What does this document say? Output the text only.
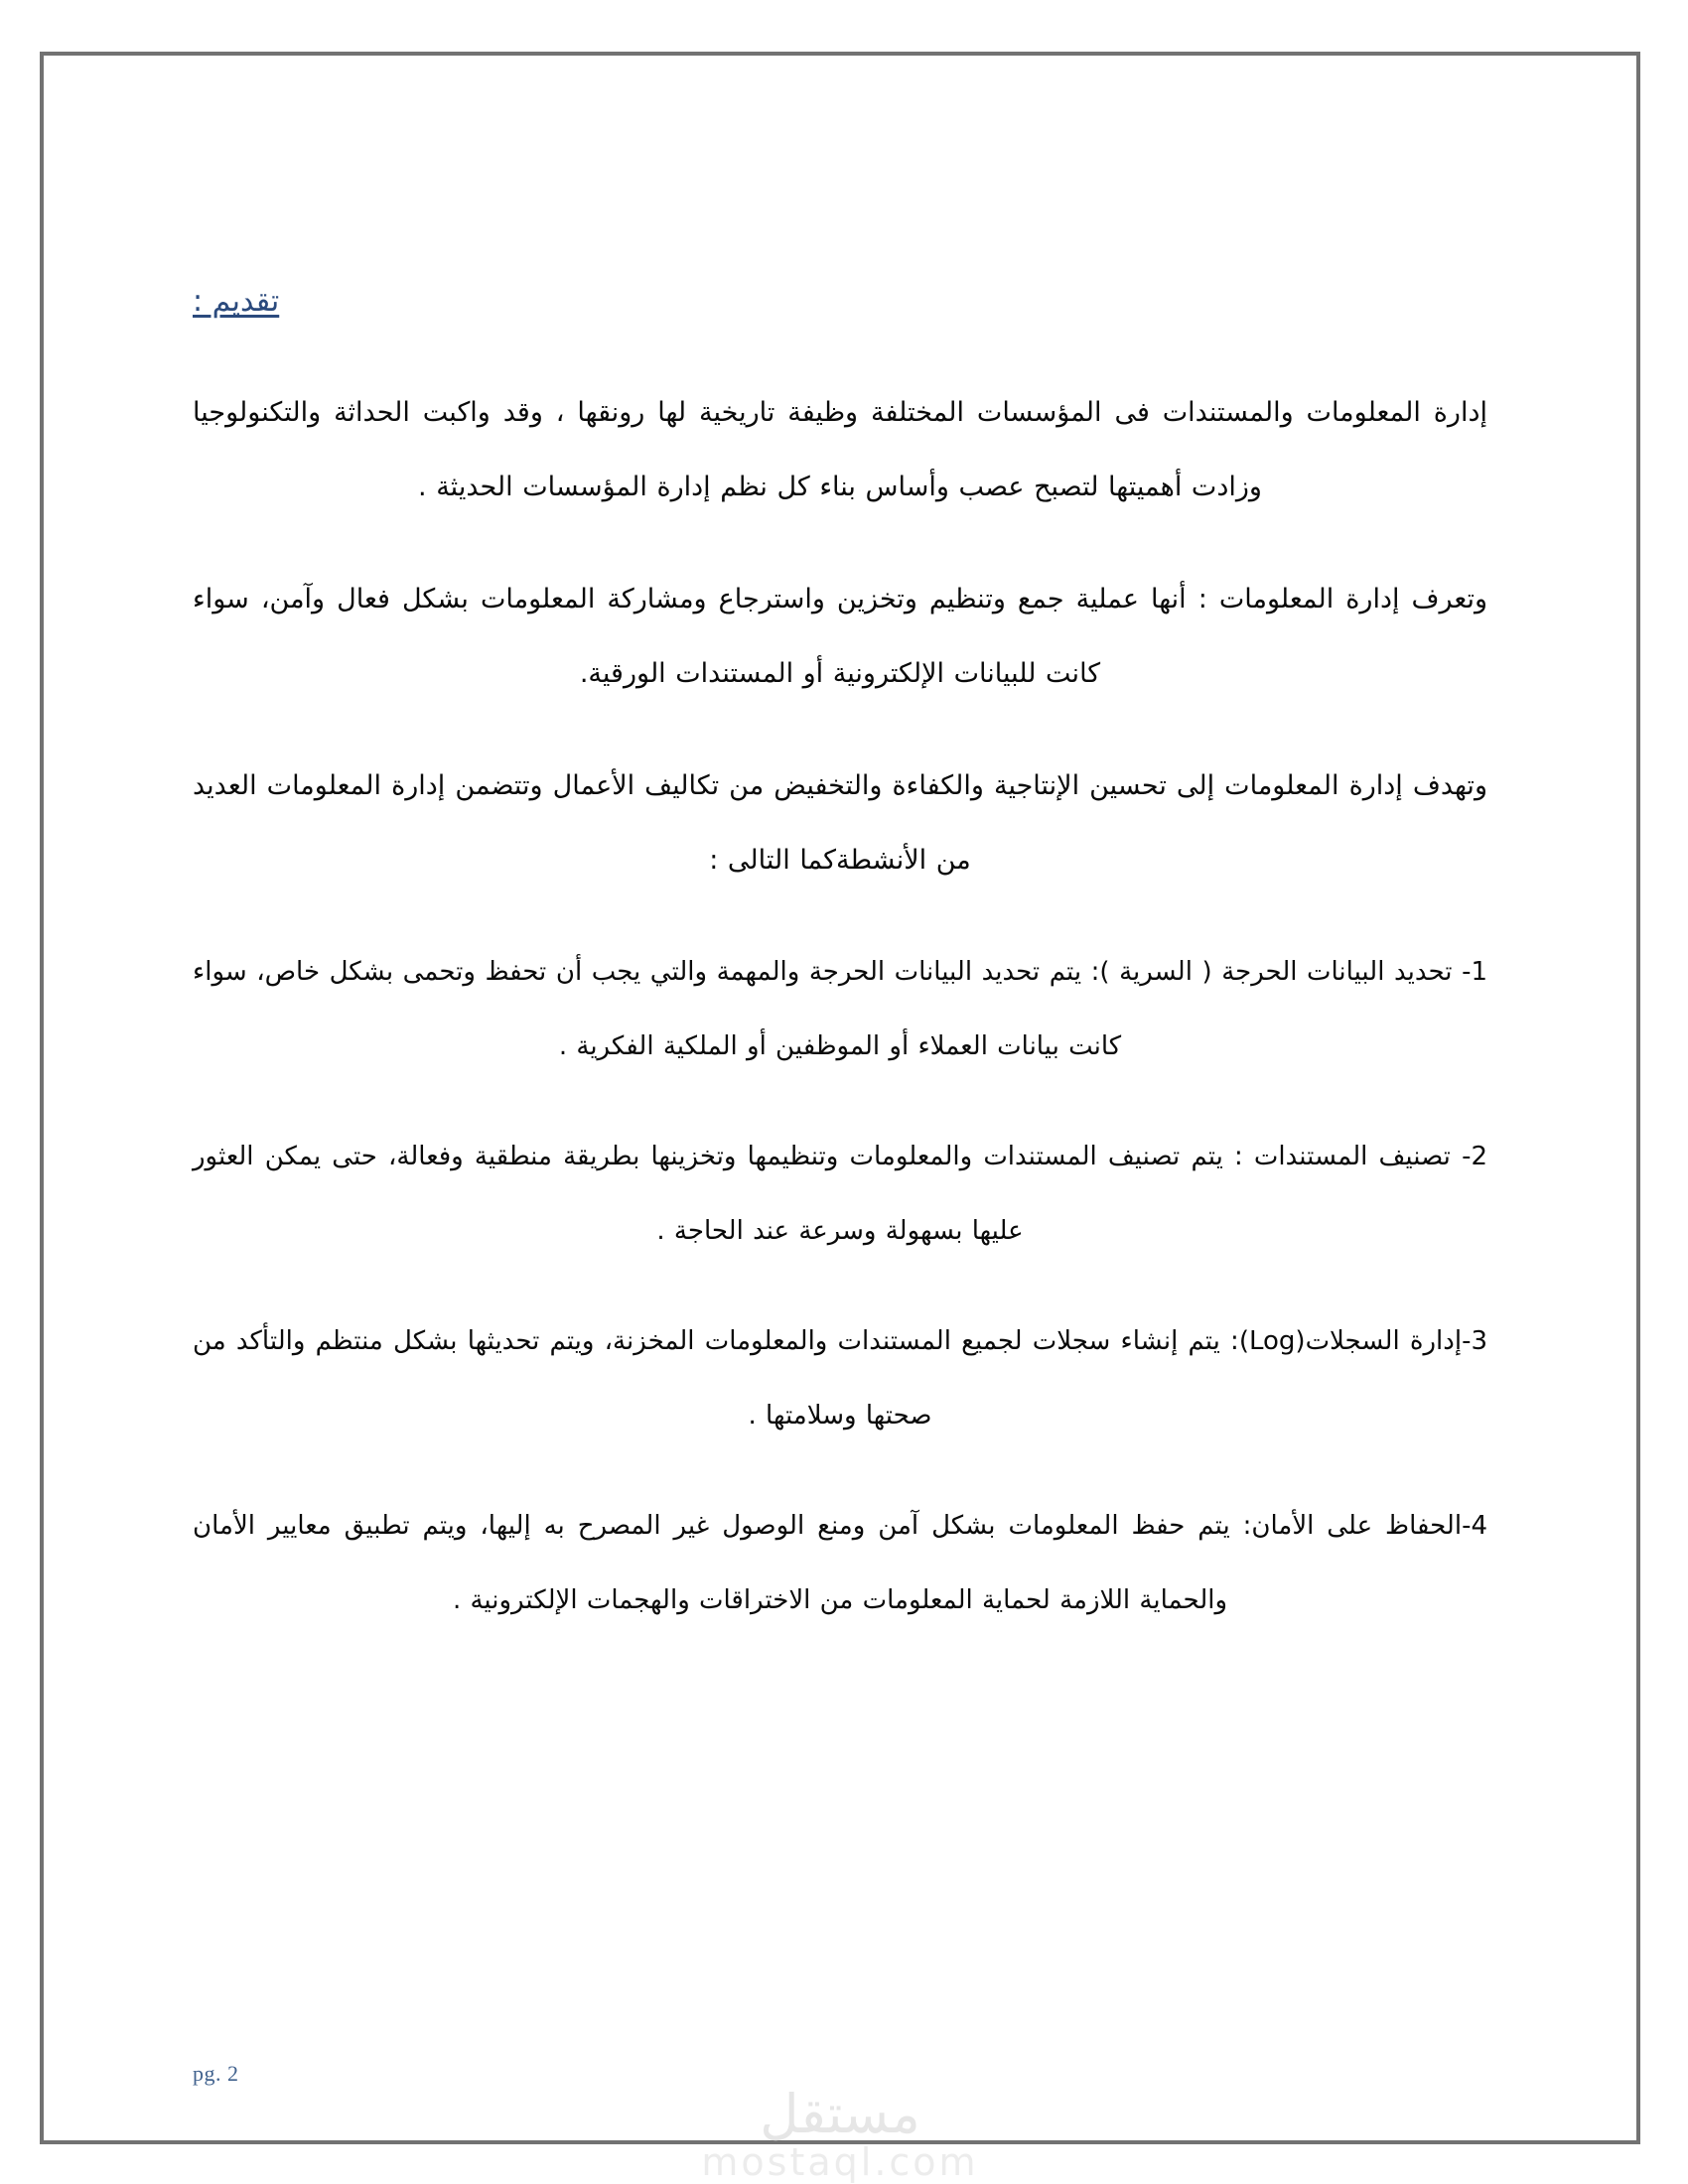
تقديم :

إدارة المعلومات والمستندات فى المؤسسات المختلفة وظيفة تاريخية لها رونقها ، وقد واكبت الحداثة والتكنولوجيا وزادت أهميتها لتصبح عصب وأساس بناء كل نظم إدارة المؤسسات الحديثة .

وتعرف إدارة المعلومات : أنها عملية جمع وتنظيم وتخزين واسترجاع ومشاركة المعلومات بشكل فعال وآمن، سواء كانت للبيانات الإلكترونية أو المستندات الورقية.

وتهدف إدارة المعلومات إلى تحسين الإنتاجية والكفاءة والتخفيض من تكاليف الأعمال وتتضمن إدارة المعلومات العديد من الأنشطةكما التالى :

1- تحديد البيانات الحرجة ( السرية ): يتم تحديد البيانات الحرجة والمهمة والتي يجب أن تحفظ وتحمى بشكل خاص، سواء كانت بيانات العملاء أو الموظفين أو الملكية الفكرية .

2- تصنيف المستندات : يتم تصنيف المستندات والمعلومات وتنظيمها وتخزينها بطريقة منطقية وفعالة، حتى يمكن العثور عليها بسهولة وسرعة عند الحاجة .

3-إدارة السجلات(Log): يتم إنشاء سجلات لجميع المستندات والمعلومات المخزنة، ويتم تحديثها بشكل منتظم والتأكد من صحتها وسلامتها .

4-الحفاظ على الأمان: يتم حفظ المعلومات بشكل آمن ومنع الوصول غير المصرح به إليها، ويتم تطبيق معايير الأمان والحماية اللازمة لحماية المعلومات من الاختراقات والهجمات الإلكترونية .

pg. 2
مستقل
mostaql.com
